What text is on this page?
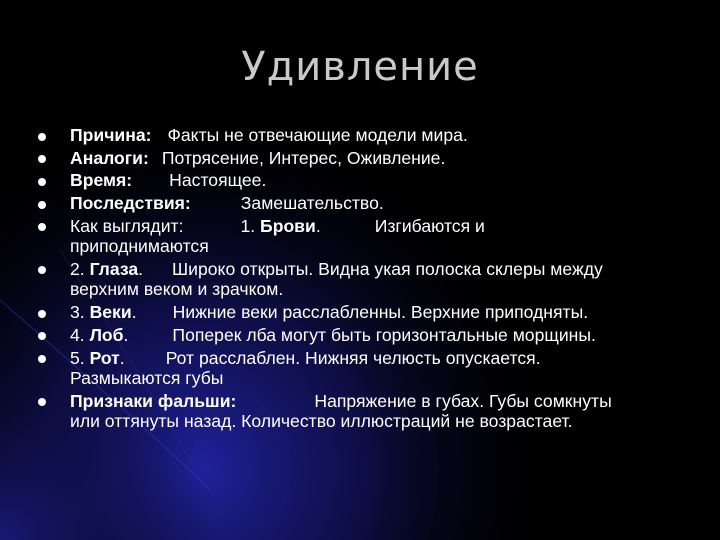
Удивление
Причина: Факты не отвечающие модели мира.
Аналоги: Потрясение, Интерес, Оживление.
Время: Настоящее.
Последствия:	Замешательство.
Как выглядит:	1. Брови.	Изгибаются и
приподнимаются
2. Глаза. Широко открыты. Видна укая полоска склеры между
верхним веком и зрачком.
3. Веки. Нижние веки расслабленны. Верхние приподняты.
4. Лоб.	Поперек лба могут быть горизонтальные морщины.
5. Рот. Рот расслаблен. Нижняя челюсть опускается.
Размыкаются губы
Признаки фальши:	Напряжение в губах. Губы сомкнуты
или оттянуты назад. Количество иллюстраций не возрастает.
